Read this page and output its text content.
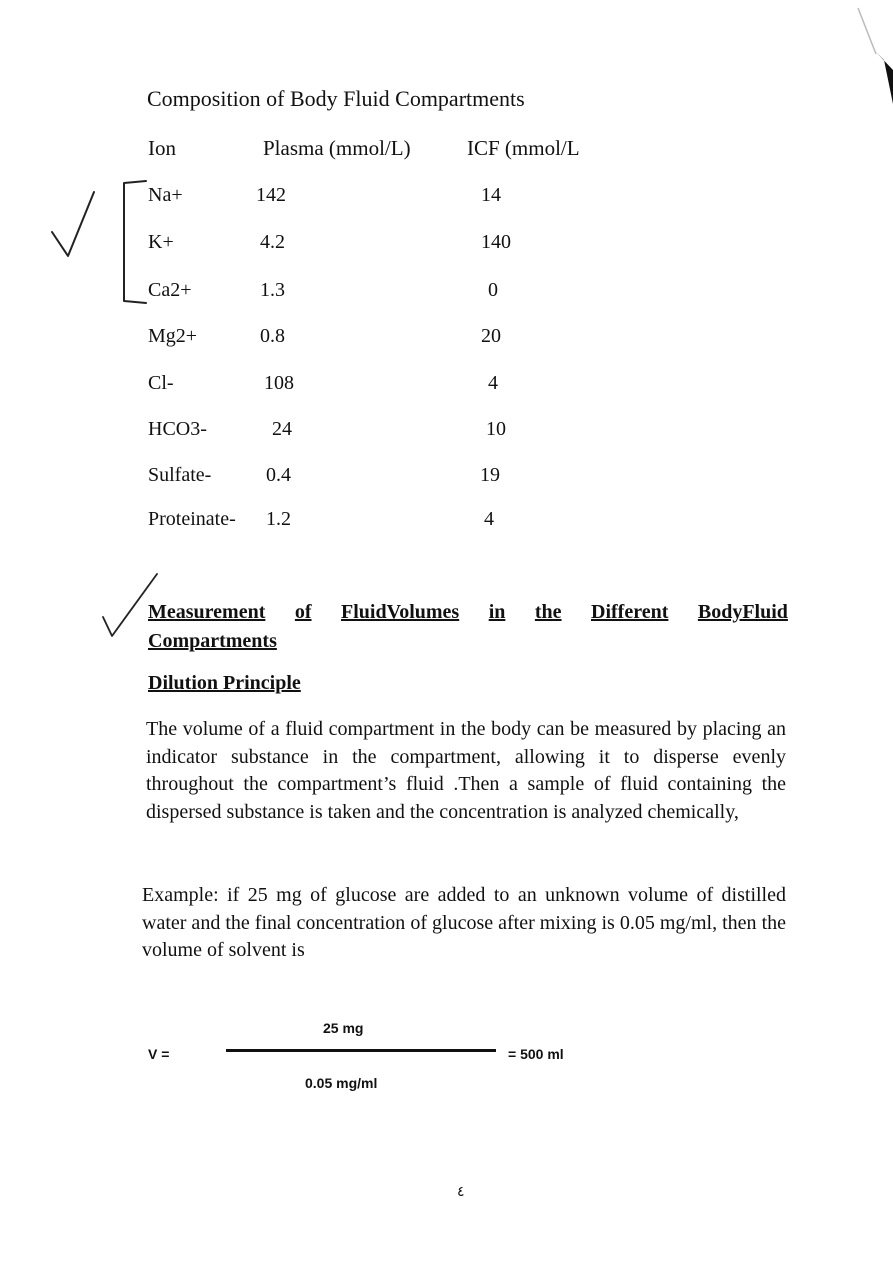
Composition of Body Fluid Compartments
Ion	Plasma (mmol/L)	ICF (mmol/L
Na+	142	14
K+	4.2	140
Ca2+	1.3	0
Mg2+	0.8	20
Cl-	108	4
HCO3-	24	10
Sulfate-	0.4	19
Proteinate- 1.2	4
Measurement of FluidVolumes in the Different BodyFluid
Compartments
Dilution Principle
The volume of a fluid compartment in the body can be measured by placing an indicator substance in the compartment, allowing it to disperse evenly throughout the compartment’s fluid .Then a sample of fluid containing the dispersed substance is taken and the concentration is analyzed chemically,
Example: if 25 mg of glucose are added to an unknown volume of distilled water and the final concentration of glucose after mixing is 0.05 mg/ml, then the volume of solvent is
V =
25 mg
0.05 mg/ml
= 500 ml
٤
